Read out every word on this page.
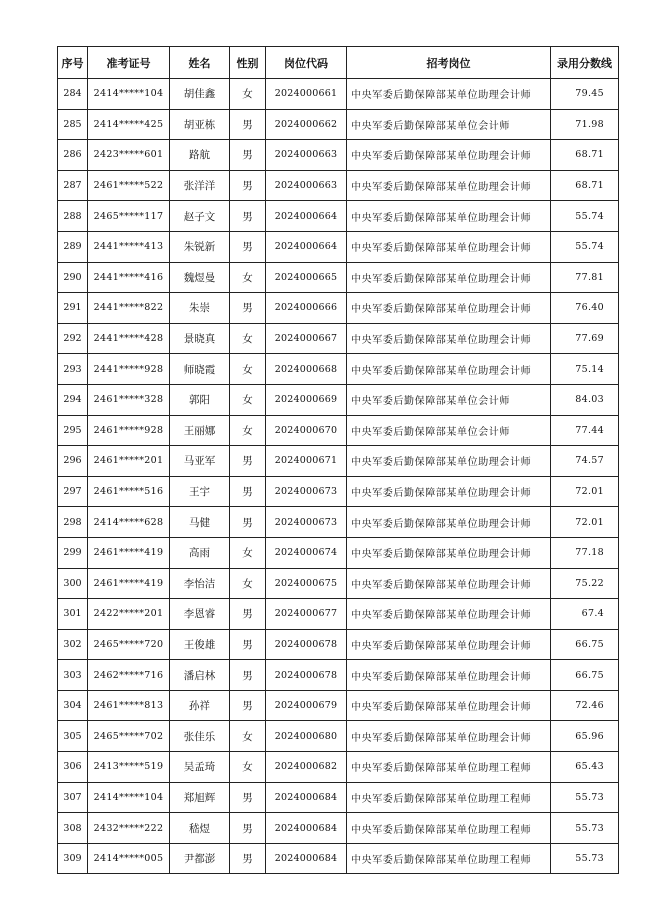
序号	准考证号	姓名	性别	岗位代码	招考岗位	录用分数线
284	2414*****104	胡佳鑫	女	2024000661	中央军委后勤保障部某单位助理会计师	79.45
285	2414*****425	胡亚栋	男	2024000662	中央军委后勤保障部某单位会计师	71.98
286	2423*****601	路航	男	2024000663	中央军委后勤保障部某单位助理会计师	68.71
287	2461*****522	张洋洋	男	2024000663	中央军委后勤保障部某单位助理会计师	68.71
288	2465*****117	赵子文	男	2024000664	中央军委后勤保障部某单位助理会计师	55.74
289	2441*****413	朱锐新	男	2024000664	中央军委后勤保障部某单位助理会计师	55.74
290	2441*****416	魏煜曼	女	2024000665	中央军委后勤保障部某单位助理会计师	77.81
291	2441*****822	朱崇	男	2024000666	中央军委后勤保障部某单位助理会计师	76.40
292	2441*****428	景晓真	女	2024000667	中央军委后勤保障部某单位助理会计师	77.69
293	2441*****928	师晓霞	女	2024000668	中央军委后勤保障部某单位助理会计师	75.14
294	2461*****328	郭阳	女	2024000669	中央军委后勤保障部某单位会计师	84.03
295	2461*****928	王丽娜	女	2024000670	中央军委后勤保障部某单位会计师	77.44
296	2461*****201	马亚军	男	2024000671	中央军委后勤保障部某单位助理会计师	74.57
297	2461*****516	王宇	男	2024000673	中央军委后勤保障部某单位助理会计师	72.01
298	2414*****628	马健	男	2024000673	中央军委后勤保障部某单位助理会计师	72.01
299	2461*****419	高雨	女	2024000674	中央军委后勤保障部某单位助理会计师	77.18
300	2461*****419	李怡洁	女	2024000675	中央军委后勤保障部某单位助理会计师	75.22
301	2422*****201	李恩睿	男	2024000677	中央军委后勤保障部某单位助理会计师	67.4
302	2465*****720	王俊雄	男	2024000678	中央军委后勤保障部某单位助理会计师	66.75
303	2462*****716	潘启林	男	2024000678	中央军委后勤保障部某单位助理会计师	66.75
304	2461*****813	孙祥	男	2024000679	中央军委后勤保障部某单位助理会计师	72.46
305	2465*****702	张佳乐	女	2024000680	中央军委后勤保障部某单位助理会计师	65.96
306	2413*****519	吴孟琦	女	2024000682	中央军委后勤保障部某单位助理工程师	65.43
307	2414*****104	郑旭辉	男	2024000684	中央军委后勤保障部某单位助理工程师	55.73
308	2432*****222	嵇煜	男	2024000684	中央军委后勤保障部某单位助理工程师	55.73
309	2414*****005	尹都澎	男	2024000684	中央军委后勤保障部某单位助理工程师	55.73
